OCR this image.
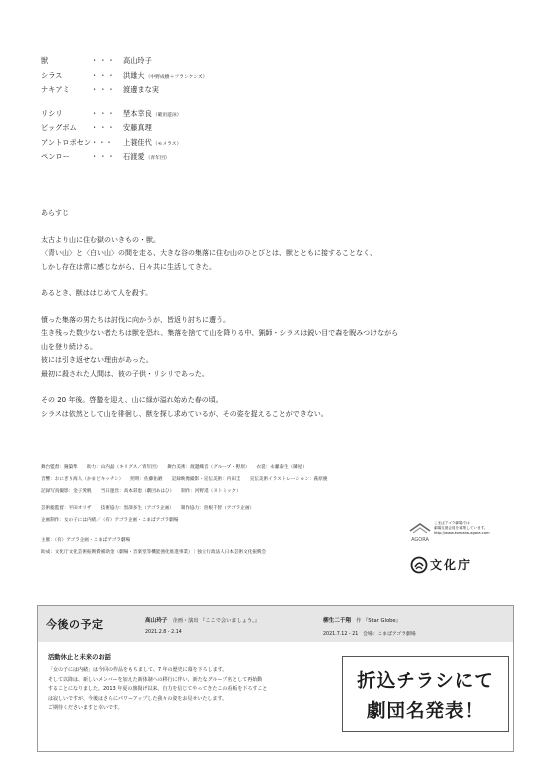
獣	・・・ 高山玲子
シラス	・・・ 洪雄大（中野成樹＋フランケンズ）
ナキアミ	・・・ 渡邊まな実
リシリ	・・・ 埜本幸良（範宙遊泳）
ビッグボム ・・・ 安藤真理
アントロポセン・・・ 上蓑佳代（モメラス）
ペンロー	・・・ 石渡愛（青年団）

あらすじ

太古より山に住む獄のいきもの・獣。

〈青い山〉と〈白い山〉の間を走る、大きな谷の集落に住む山のひとびとは、獣とともに接することなく、

しかし存在は常に感じながら、日々共に生活してきた。

あるとき、獣ははじめて人を殺す。

憤った集落の男たちは討伐に向かうが、皆返り討ちに遭う。

生き残った数少ない者たちは獣を恐れ、集落を捨てて山を降りる中、猟師・シラスは鋭い目で森を睨みつけながら

山を登り続ける。

彼には引き返せない理由があった。

最初に殺された人間は、彼の子供・リシリであった。

その 20 年後。啓蟄を迎え、山に緑が溢れ始めた春の頃。

シラスは依然として山を徘徊し、獣を探し求めているが、その姿を捉えることができない。

舞台監督：鐘築隼　　助力：山内晶（キリグス／青年団）　　舞台美術：渡邊織音（グループ・野原）　　衣裳：永瀬泰生（隣屋）
音響：おにぎり海人（かまどキッチン）　　照明：佐藤佑磨　　記録映像撮影・宣伝美術：内田圭　　宣伝美術イラストレーション：萩原慶
記録写真撮影：金子愛帆　　当日運営：高本彩恵（劇団あはひ）　　制作：河野遥（ヌトミック）
芸術総監督：平田オリザ　　技術協力：黒澤多生（アゴラ企画）　　制作協力：曽根千智（アゴラ企画）
企画制作：女の子には内緒／（有）アゴラ企画・こまばアゴラ劇場
主催：（有）アゴラ企画・こまばアゴラ劇場
助成：文化庁文化芸術振興費補助金（劇場・音楽堂等機能強化推進事業）｜独立行政法人日本芸術文化振興会
AGORA
こまばアゴラ劇場では
劇場支援会員を募集しています。
http://www.komaba-agora.com
文化庁
今後の予定	高山玲子　 企画・演出 『ここで会いましょう。』
2021.2.8 - 2.14
柳生二千翔　 作 『Star Globe』
2021.7.12 - 21　会場：こまばアゴラ劇場
活動休止と未来のお話
「女の子には内緒」は今回の作品をもちまして、7 年の歴史に幕を下ろします。
そして以降は、新しいメンバーを加えた新体制への移行に伴い、新たなグループ名として再始動
することになりました。2013 年夏の旗揚げ以来、自力を信じてやってきたこの看板を下ろすこと
は寂しいですが、今後はさらにパワーアップした我々の姿をお見せいたします。
ご期待くださいますと幸いです。
折込チラシにて
劇団名発表！
